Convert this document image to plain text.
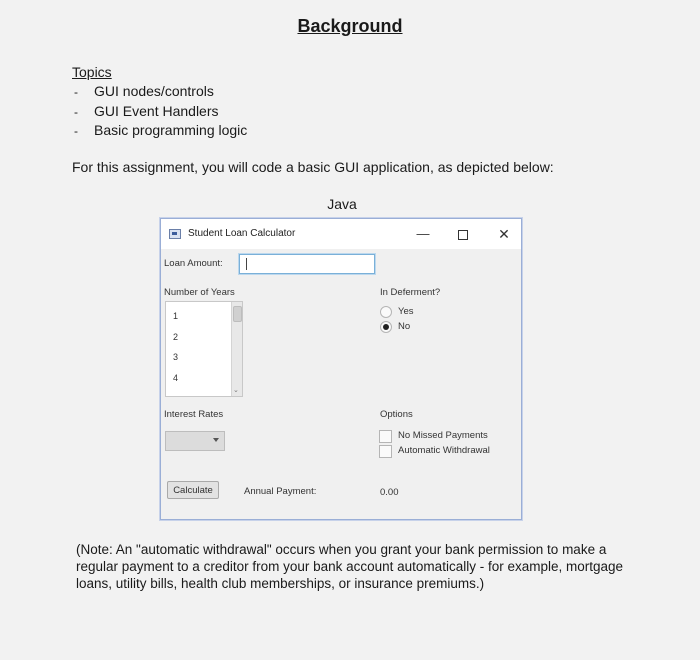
Background
Topics
- GUI nodes/controls
- GUI Event Handlers
- Basic programming logic

For this assignment, you will code a basic GUI application, as depicted below:

Java
Student Loan Calculator	—	✕
Loan Amount:
Number of Years
1
2
3
4
⌄
In Deferment?
Yes
No
Interest Rates	Options
No Missed Payments
Automatic Withdrawal
Calculate	Annual Payment:	0.00

(Note: An "automatic withdrawal" occurs when you grant your bank permission to make a regular payment to a creditor from your bank account automatically - for example, mortgage loans, utility bills, health club memberships, or insurance premiums.)
